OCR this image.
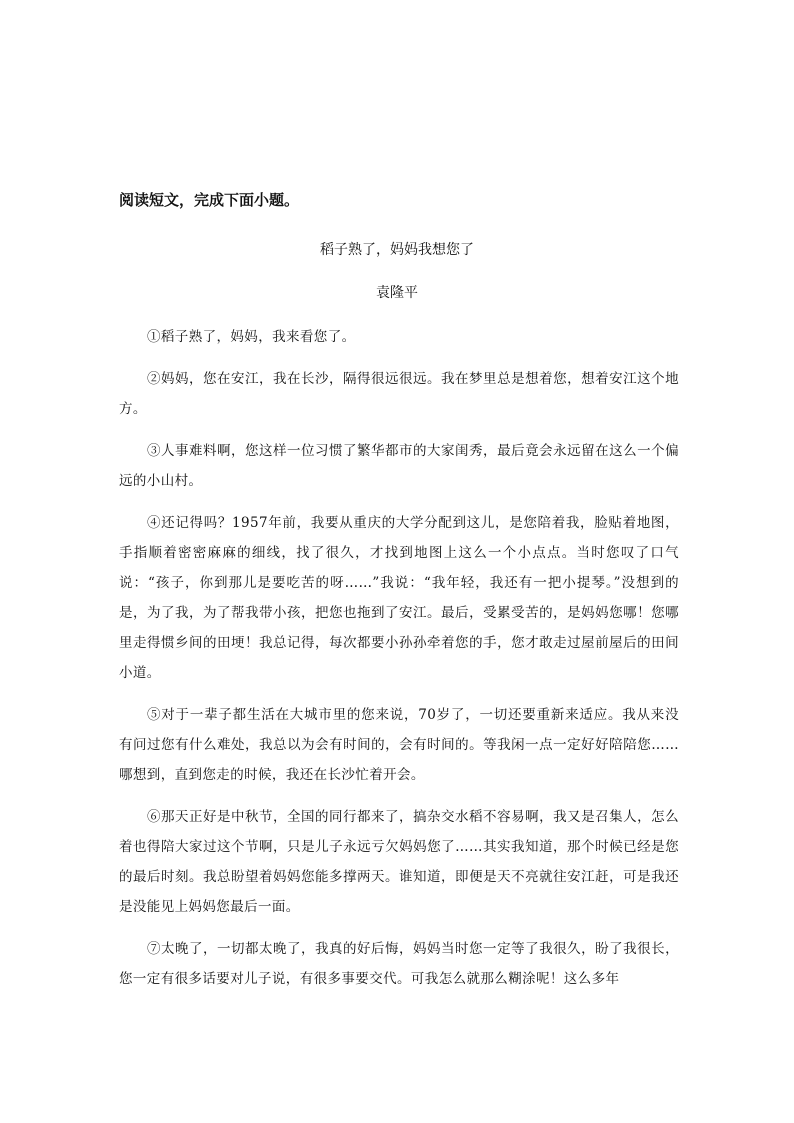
阅读短文，完成下面小题。
稻子熟了，妈妈我想您了
袁隆平

①稻子熟了，妈妈，我来看您了。

②妈妈，您在安江，我在长沙，隔得很远很远。我在梦里总是想着您，想着安江这个地方。

③人事难料啊，您这样一位习惯了繁华都市的大家闺秀，最后竟会永远留在这么一个偏远的小山村。

④还记得吗？1957年前，我要从重庆的大学分配到这儿，是您陪着我，脸贴着地图，手指顺着密密麻麻的细线，找了很久，才找到地图上这么一个小点点。当时您叹了口气说：“孩子，你到那儿是要吃苦的呀……”我说：“我年轻，我还有一把小提琴。”没想到的是，为了我，为了帮我带小孩，把您也拖到了安江。最后，受累受苦的，是妈妈您哪！您哪里走得惯乡间的田埂！我总记得，每次都要小孙孙牵着您的手，您才敢走过屋前屋后的田间小道。

⑤对于一辈子都生活在大城市里的您来说，70岁了，一切还要重新来适应。我从来没有问过您有什么难处，我总以为会有时间的，会有时间的。等我闲一点一定好好陪陪您……哪想到，直到您走的时候，我还在长沙忙着开会。

⑥那天正好是中秋节，全国的同行都来了，搞杂交水稻不容易啊，我又是召集人，怎么着也得陪大家过这个节啊，只是儿子永远亏欠妈妈您了……其实我知道，那个时候已经是您的最后时刻。我总盼望着妈妈您能多撑两天。谁知道，即便是天不亮就往安江赶，可是我还是没能见上妈妈您最后一面。

⑦太晚了，一切都太晚了，我真的好后悔，妈妈当时您一定等了我很久，盼了我很长，您一定有很多话要对儿子说，有很多事要交代。可我怎么就那么糊涂呢！这么多年
